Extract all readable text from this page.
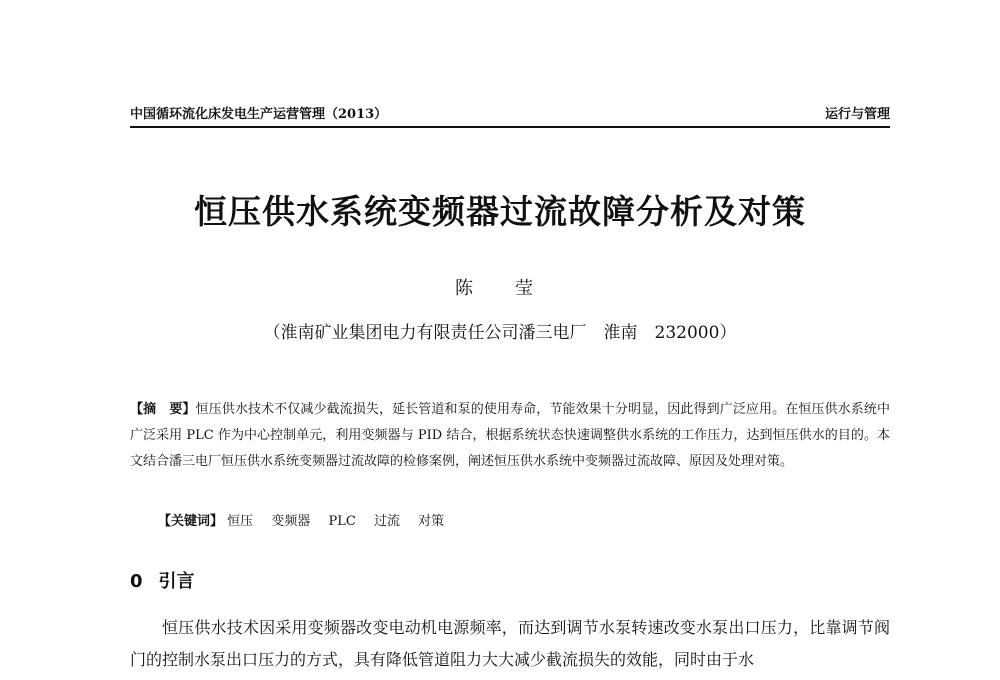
中国循环流化床发电生产运营管理（2013）	运行与管理
恒压供水系统变频器过流故障分析及对策
陈　莹
（淮南矿业集团电力有限责任公司潘三电厂　淮南　232000）
【摘　要】恒压供水技术不仅减少截流损失，延长管道和泵的使用寿命，节能效果十分明显，因此得到广泛应用。在恒压供水系统中广泛采用 PLC 作为中心控制单元，利用变频器与 PID 结合，根据系统状态快速调整供水系统的工作压力，达到恒压供水的目的。本文结合潘三电厂恒压供水系统变频器过流故障的检修案例，阐述恒压供水系统中变频器过流故障、原因及处理对策。
【关键词】 恒压 变频器 PLC 过流 对策
0 引言
恒压供水技术因采用变频器改变电动机电源频率，而达到调节水泵转速改变水泵出口压力，比靠调节阀门的控制水泵出口压力的方式，具有降低管道阻力大大减少截流损失的效能，同时由于水
